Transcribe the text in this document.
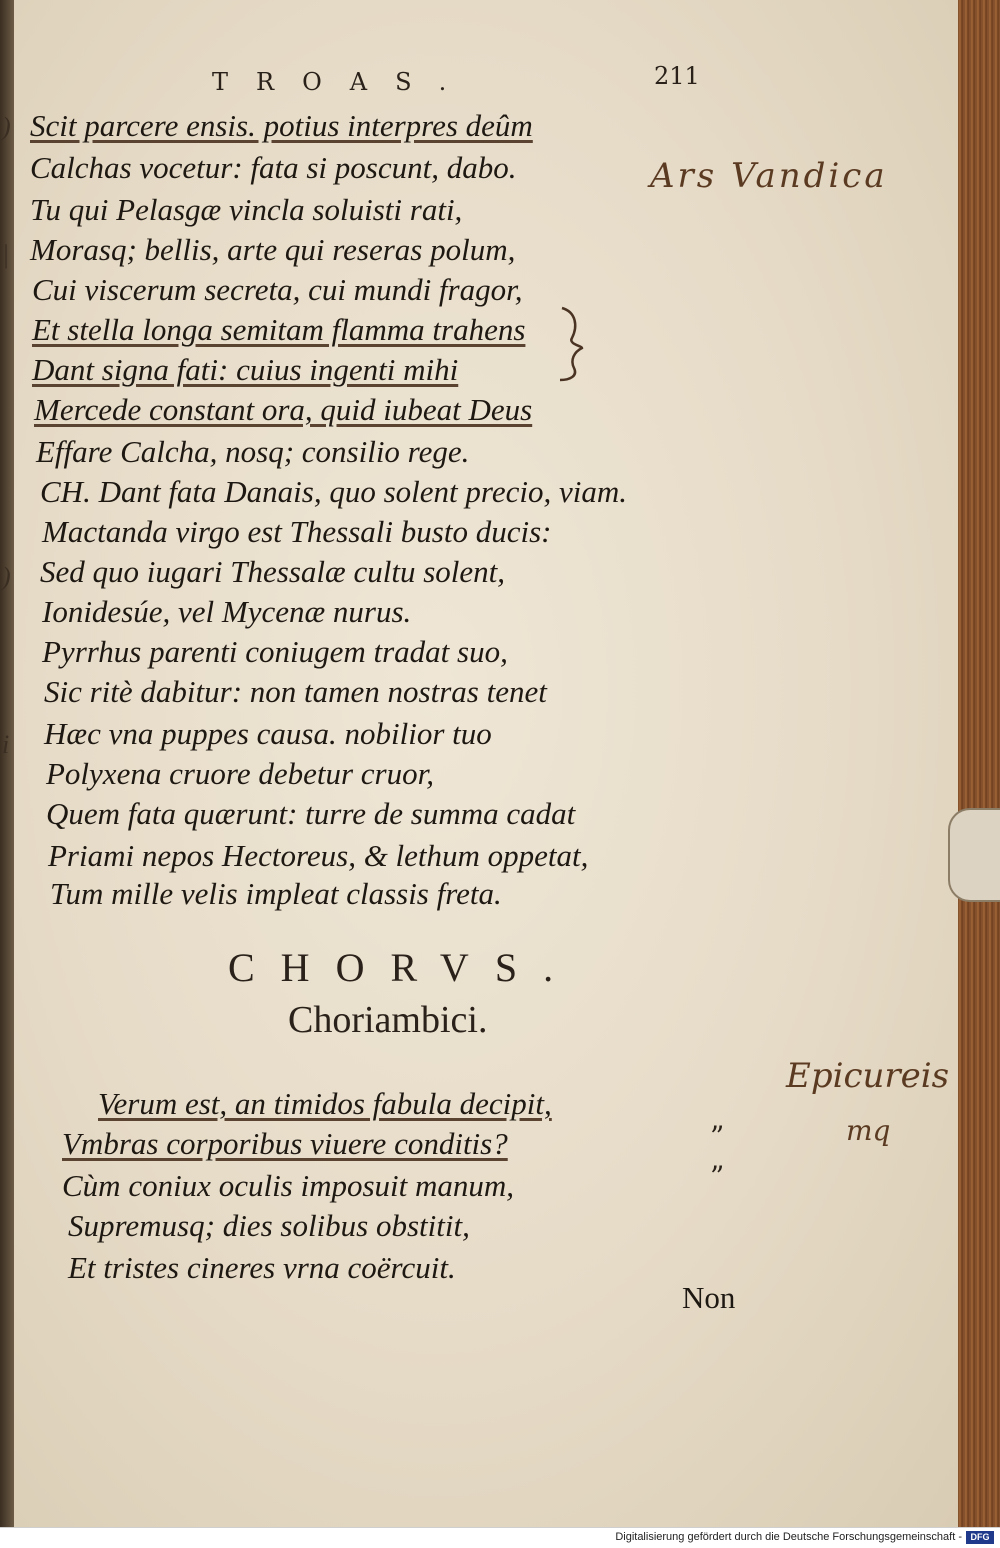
)
|
)
i
TROAS.	211
Scit parcere ensis. potius interpres deûm
Calchas vocetur: fata si poscunt, dabo.
Tu qui Pelasgæ vincla soluisti rati,
Morasq; bellis, arte qui reseras polum,
Cui viscerum secreta, cui mundi fragor,
Et stella longa semitam flamma trahens
Dant signa fati: cuius ingenti mihi
Mercede constant ora, quid iubeat Deus
Effare Calcha, nosq; consilio rege.
CH. Dant fata Danais, quo solent precio, viam.
Mactanda virgo est Thessali busto ducis:
Sed quo iugari Thessalæ cultu solent,
Ionidesúe, vel Mycenæ nurus.
Pyrrhus parenti coniugem tradat suo,
Sic ritè dabitur: non tamen nostras tenet
Hæc vna puppes causa. nobilior tuo
Polyxena cruore debetur cruor,
Quem fata quærunt: turre de summa cadat
Priami nepos Hectoreus, & lethum oppetat,
Tum mille velis impleat classis freta.
CHORVS.
Choriambici.
Verum est, an timidos fabula decipit,
Vmbras corporibus viuere conditis?
Cùm coniux oculis imposuit manum,
Supremusq; dies solibus obstitit,
Et tristes cineres vrna coërcuit.
”
”
Non
Ars Vandica
Epicureis
mq
Digitalisierung gefördert durch die Deutsche Forschungsgemeinschaft - DFG
